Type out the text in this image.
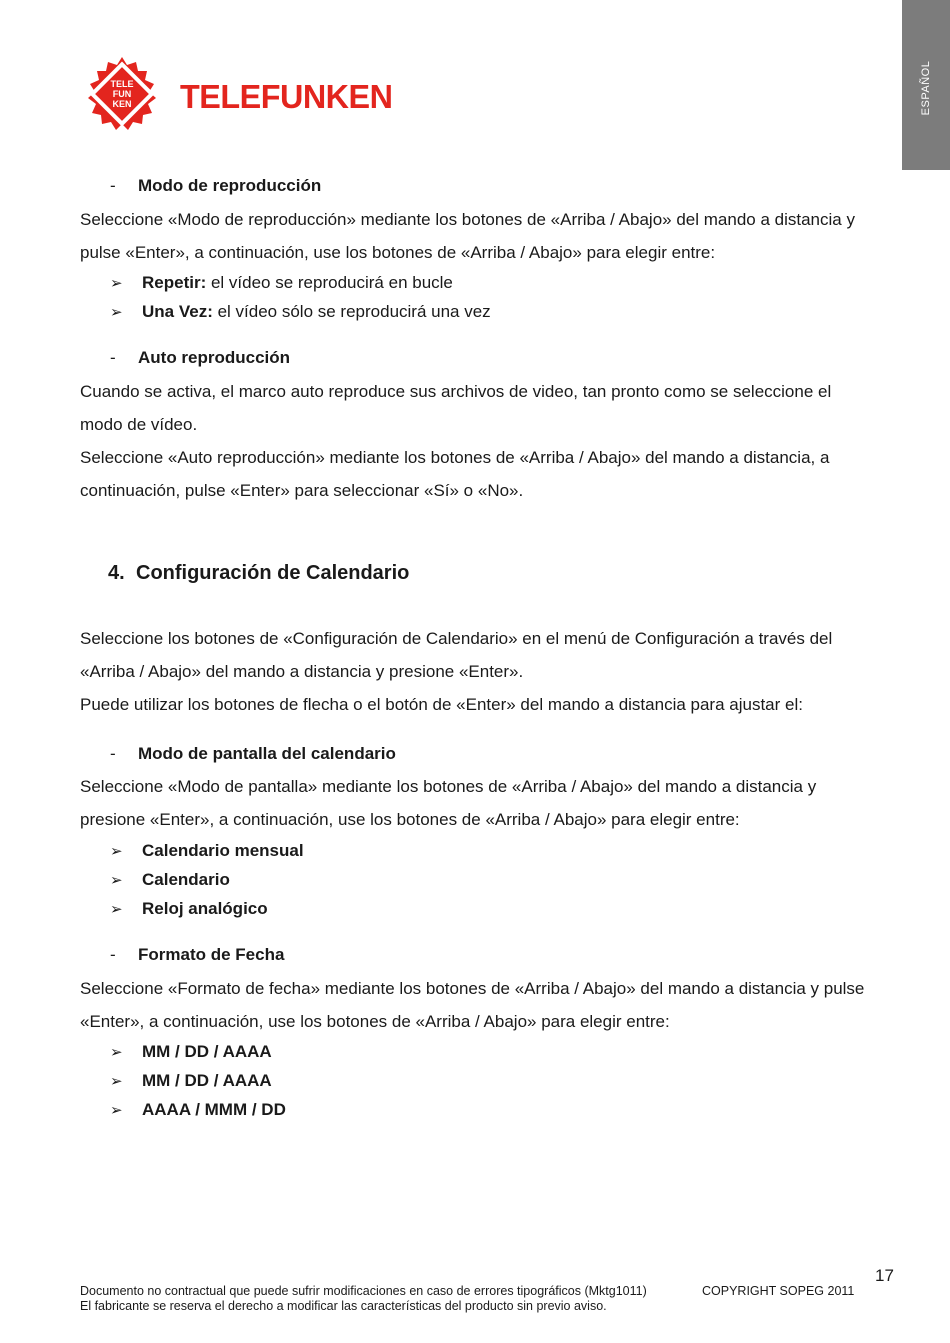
ESPAÑOL
TELE
FUN
KEN TELEFUNKEN
- Modo de reproducción
Seleccione «Modo de reproducción» mediante los botones de «Arriba / Abajo» del mando a distancia y
pulse «Enter», a continuación, use los botones de «Arriba / Abajo» para elegir entre:
➢ Repetir: el vídeo se reproducirá en bucle
➢ Una Vez: el vídeo sólo se reproducirá una vez
- Auto reproducción
Cuando se activa, el marco auto reproduce sus archivos de video, tan pronto como se seleccione el
modo de vídeo.
Seleccione «Auto reproducción» mediante los botones de «Arriba / Abajo» del mando a distancia, a
continuación, pulse «Enter» para seleccionar «Sí» o «No».
4. Configuración de Calendario
Seleccione los botones de «Configuración de Calendario» en el menú de Configuración a través del
«Arriba / Abajo» del mando a distancia y presione «Enter».
Puede utilizar los botones de flecha o el botón de «Enter» del mando a distancia para ajustar el:
- Modo de pantalla del calendario
Seleccione «Modo de pantalla» mediante los botones de «Arriba / Abajo» del mando a distancia y
presione «Enter», a continuación, use los botones de «Arriba / Abajo» para elegir entre:
➢ Calendario mensual
➢ Calendario
➢ Reloj analógico
- Formato de Fecha
Seleccione «Formato de fecha» mediante los botones de «Arriba / Abajo» del mando a distancia y pulse
«Enter», a continuación, use los botones de «Arriba / Abajo» para elegir entre:
➢ MM / DD / AAAA
➢ MM / DD / AAAA
➢ AAAA / MMM / DD
17
Documento no contractual que puede sufrir modificaciones en caso de errores tipográficos (Mktg1011)
El fabricante se reserva el derecho a modificar las características del producto sin previo aviso.
COPYRIGHT SOPEG 2011
